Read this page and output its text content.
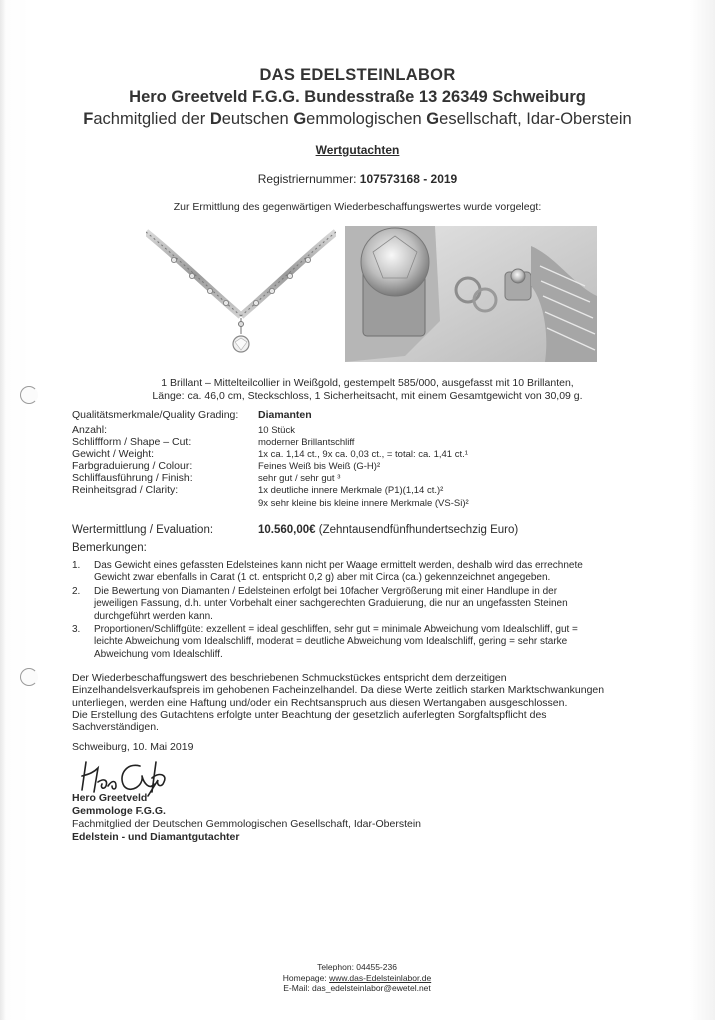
DAS EDELSTEINLABOR
Hero Greetveld F.G.G. Bundesstraße 13 26349 Schweiburg
Fachmitglied der Deutschen Gemmologischen Gesellschaft, Idar-Oberstein
Wertgutachten
Registriernummer: 107573168 - 2019
Zur Ermittlung des gegenwärtigen Wiederbeschaffungswertes wurde vorgelegt:
1 Brillant – Mittelteilcollier in Weißgold, gestempelt 585/000, ausgefasst mit 10 Brillanten,
Länge: ca. 46,0 cm, Steckschloss, 1 Sicherheitsacht, mit einem Gesamtgewicht von 30,09 g.
Qualitätsmerkmale/Quality Grading: Diamanten
Anzahl:	10 Stück
Schliffform / Shape – Cut:	moderner Brillantschliff
Gewicht / Weight:	1x ca. 1,14 ct., 9x ca. 0,03 ct., = total: ca. 1,41 ct.¹
Farbgraduierung / Colour:	Feines Weiß bis Weiß (G-H)²
Schliffausführung / Finish:	sehr gut / sehr gut ³
Reinheitsgrad / Clarity:	1x deutliche innere Merkmale (P1)(1,14 ct.)²
9x sehr kleine bis kleine innere Merkmale (VS-Si)²
Wertermittlung / Evaluation:	10.560,00€ (Zehntausendfünfhundertsechzig Euro)
Bemerkungen:
1. Das Gewicht eines gefassten Edelsteines kann nicht per Waage ermittelt werden, deshalb wird das errechnete
Gewicht zwar ebenfalls in Carat (1 ct. entspricht 0,2 g) aber mit Circa (ca.) gekennzeichnet angegeben.
2. Die Bewertung von Diamanten / Edelsteinen erfolgt bei 10facher Vergrößerung mit einer Handlupe in der
jeweiligen Fassung, d.h. unter Vorbehalt einer sachgerechten Graduierung, die nur an ungefassten Steinen
durchgeführt werden kann.
3. Proportionen/Schliffgüte: exzellent = ideal geschliffen, sehr gut = minimale Abweichung vom Idealschliff, gut =
leichte Abweichung vom Idealschliff, moderat = deutliche Abweichung vom Idealschliff, gering = sehr starke
Abweichung vom Idealschliff.
Der Wiederbeschaffungswert des beschriebenen Schmuckstückes entspricht dem derzeitigen
Einzelhandelsverkaufspreis im gehobenen Facheinzelhandel. Da diese Werte zeitlich starken Marktschwankungen
unterliegen, werden eine Haftung und/oder ein Rechtsanspruch aus diesen Wertangaben ausgeschlossen.
Die Erstellung des Gutachtens erfolgte unter Beachtung der gesetzlich auferlegten Sorgfaltspflicht des
Sachverständigen.
Schweiburg, 10. Mai 2019
Hero Greetveld
Gemmologe F.G.G.
Fachmitglied der Deutschen Gemmologischen Gesellschaft, Idar-Oberstein
Edelstein - und Diamantgutachter
Telephon: 04455-236
Homepage: www.das-Edelsteinlabor.de
E-Mail: das_edelsteinlabor@ewetel.net
